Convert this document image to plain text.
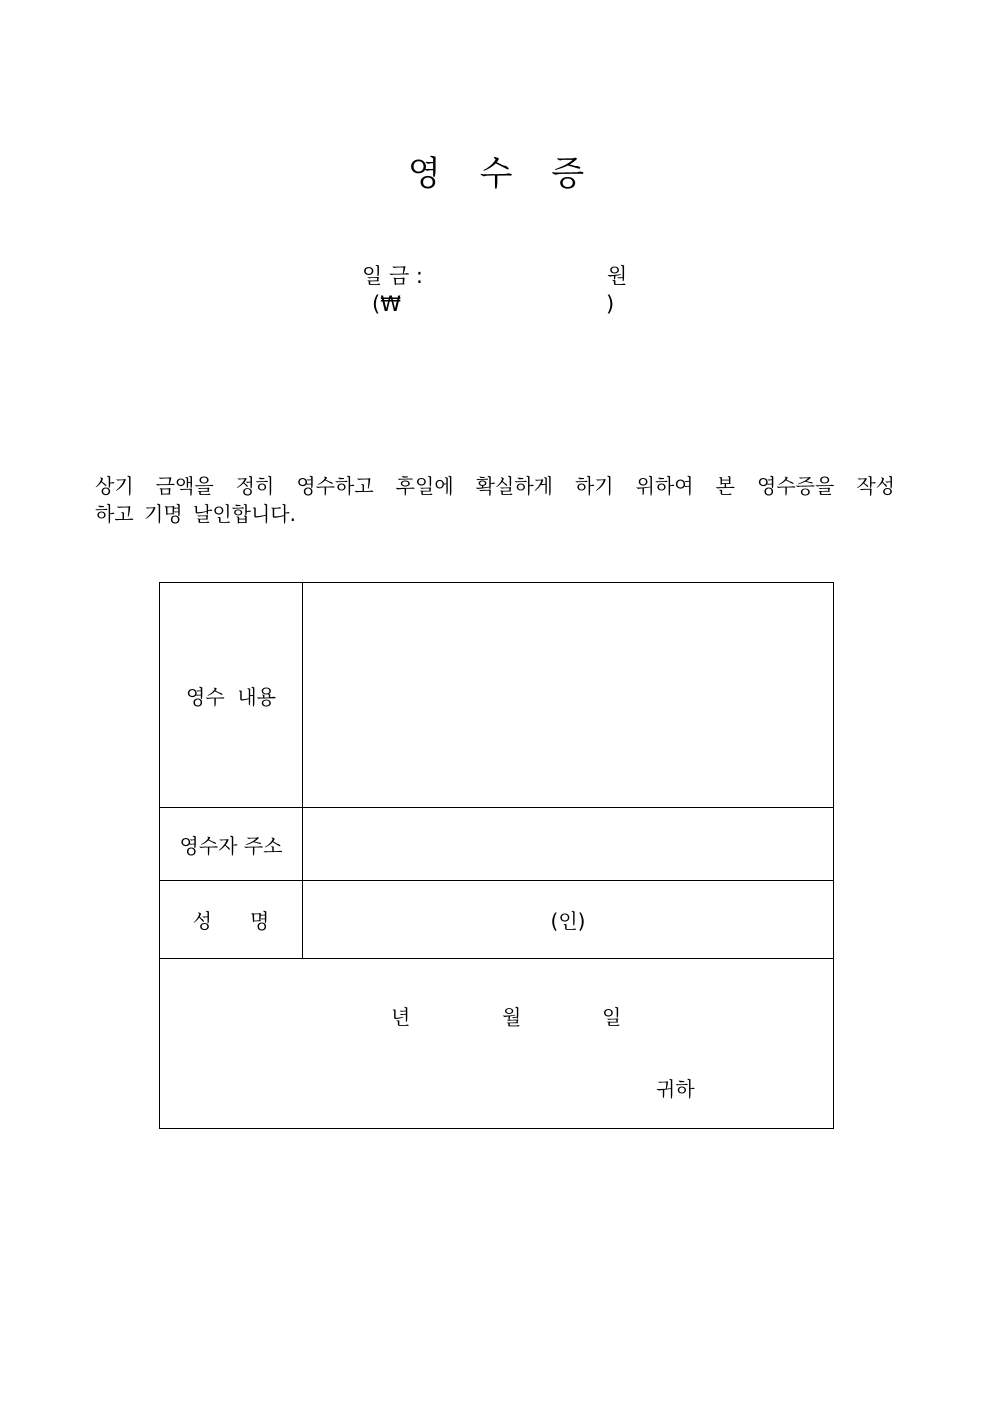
영 수 증
일 금 :	원
(₩	)
상기 금액을 정히 영수하고 후일에 확실하게 하기 위하여 본 영수증을 작성
하고 기명 날인합니다.
영수  내용	
영수자 주소	
성      명	(인)

년 월 일
귀하	
